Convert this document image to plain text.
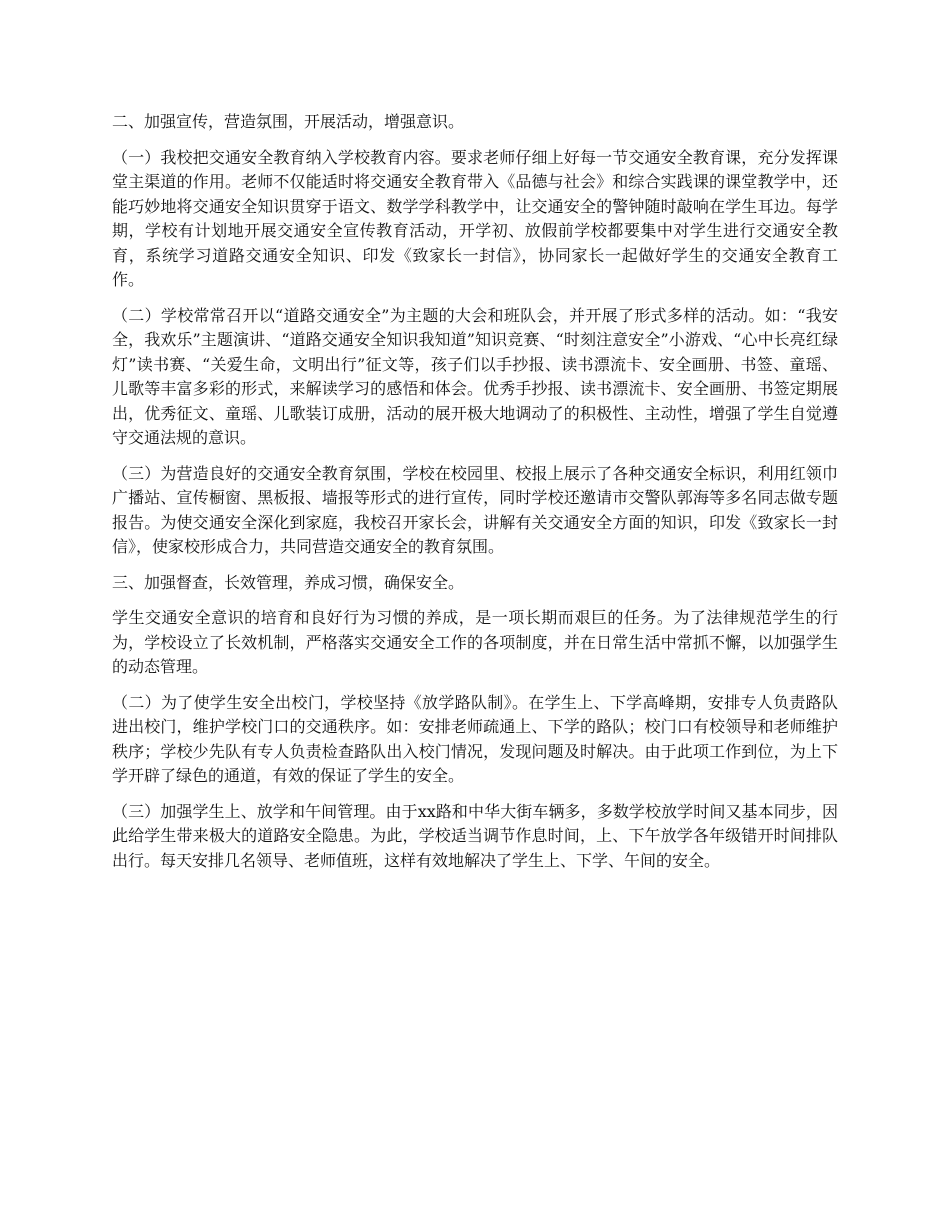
二、加强宣传，营造氛围，开展活动，增强意识。

（一）我校把交通安全教育纳入学校教育内容。要求老师仔细上好每一节交通安全教育课，充分发挥课堂主渠道的作用。老师不仅能适时将交通安全教育带入《品德与社会》和综合实践课的课堂教学中，还能巧妙地将交通安全知识贯穿于语文、数学学科教学中，让交通安全的警钟随时敲响在学生耳边。每学期，学校有计划地开展交通安全宣传教育活动，开学初、放假前学校都要集中对学生进行交通安全教育，系统学习道路交通安全知识、印发《致家长一封信》，协同家长一起做好学生的交通安全教育工作。

（二）学校常常召开以“道路交通安全”为主题的大会和班队会，并开展了形式多样的活动。如：“我安全，我欢乐”主题演讲、“道路交通安全知识我知道”知识竞赛、“时刻注意安全”小游戏、“心中长亮红绿灯”读书赛、“关爱生命，文明出行”征文等，孩子们以手抄报、读书漂流卡、安全画册、书签、童瑶、儿歌等丰富多彩的形式，来解读学习的感悟和体会。优秀手抄报、读书漂流卡、安全画册、书签定期展出，优秀征文、童瑶、儿歌装订成册，活动的展开极大地调动了的积极性、主动性，增强了学生自觉遵守交通法规的意识。

（三）为营造良好的交通安全教育氛围，学校在校园里、校报上展示了各种交通安全标识，利用红领巾广播站、宣传橱窗、黑板报、墙报等形式的进行宣传，同时学校还邀请市交警队郭海等多名同志做专题报告。为使交通安全深化到家庭，我校召开家长会，讲解有关交通安全方面的知识，印发《致家长一封信》，使家校形成合力，共同营造交通安全的教育氛围。

三、加强督查，长效管理，养成习惯，确保安全。

学生交通安全意识的培育和良好行为习惯的养成，是一项长期而艰巨的任务。为了法律规范学生的行为，学校设立了长效机制，严格落实交通安全工作的各项制度，并在日常生活中常抓不懈，以加强学生的动态管理。

（二）为了使学生安全出校门，学校坚持《放学路队制》。在学生上、下学高峰期，安排专人负责路队进出校门，维护学校门口的交通秩序。如：安排老师疏通上、下学的路队；校门口有校领导和老师维护秩序；学校少先队有专人负责检查路队出入校门情况，发现问题及时解决。由于此项工作到位，为上下学开辟了绿色的通道，有效的保证了学生的安全。

（三）加强学生上、放学和午间管理。由于xx路和中华大街车辆多，多数学校放学时间又基本同步，因此给学生带来极大的道路安全隐患。为此，学校适当调节作息时间，上、下午放学各年级错开时间排队出行。每天安排几名领导、老师值班，这样有效地解决了学生上、下学、午间的安全。
